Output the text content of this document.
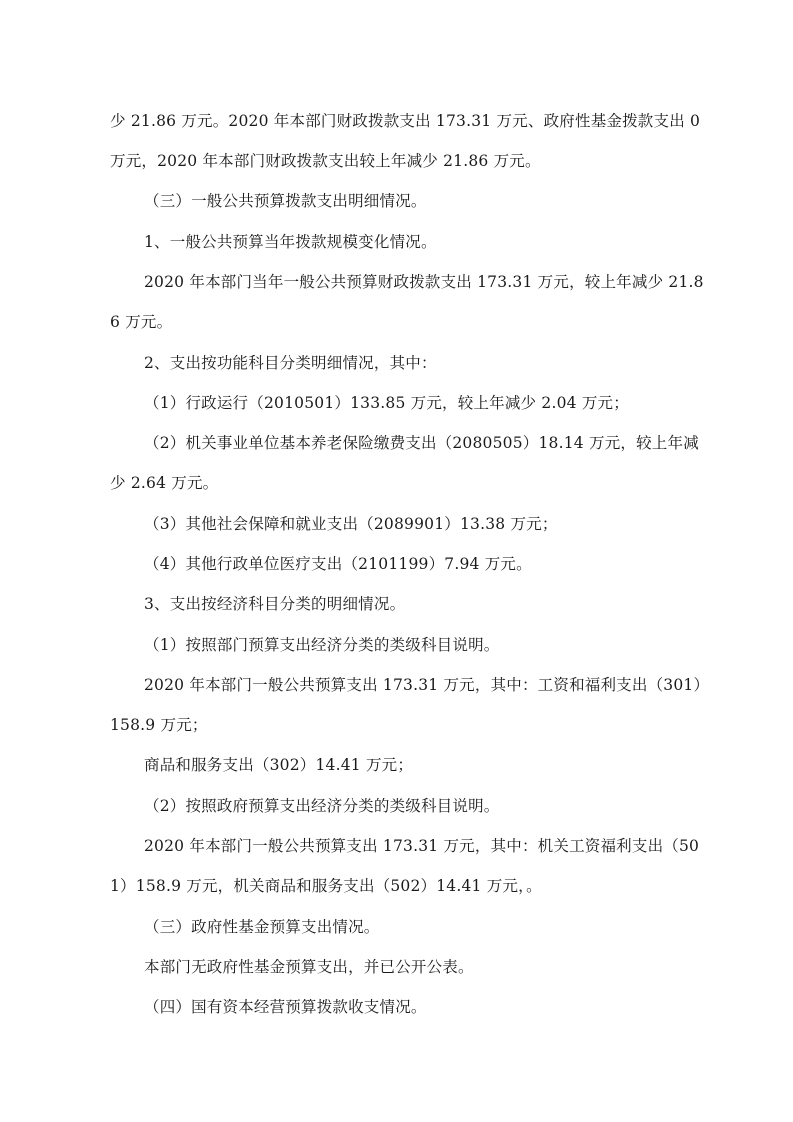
少 21.86 万元。2020 年本部门财政拨款支出 173.31 万元、政府性基金拨款支出 0

万元，2020 年本部门财政拨款支出较上年减少 21.86 万元。

（三）一般公共预算拨款支出明细情况。

1、一般公共预算当年拨款规模变化情况。

2020 年本部门当年一般公共预算财政拨款支出 173.31 万元，较上年减少 21.8

6 万元。

2、支出按功能科目分类明细情况，其中：

（1）行政运行（2010501）133.85 万元，较上年减少 2.04 万元；

（2）机关事业单位基本养老保险缴费支出（2080505）18.14 万元，较上年减

少 2.64 万元。

（3）其他社会保障和就业支出（2089901）13.38 万元；

（4）其他行政单位医疗支出（2101199）7.94 万元。

3、支出按经济科目分类的明细情况。

（1）按照部门预算支出经济分类的类级科目说明。

2020 年本部门一般公共预算支出 173.31 万元，其中：工资和福利支出（301）

158.9 万元；

商品和服务支出（302）14.41 万元；

（2）按照政府预算支出经济分类的类级科目说明。

2020 年本部门一般公共预算支出 173.31 万元，其中：机关工资福利支出（50

1）158.9 万元，机关商品和服务支出（502）14.41 万元，。

（三）政府性基金预算支出情况。

本部门无政府性基金预算支出，并已公开公表。

（四）国有资本经营预算拨款收支情况。
